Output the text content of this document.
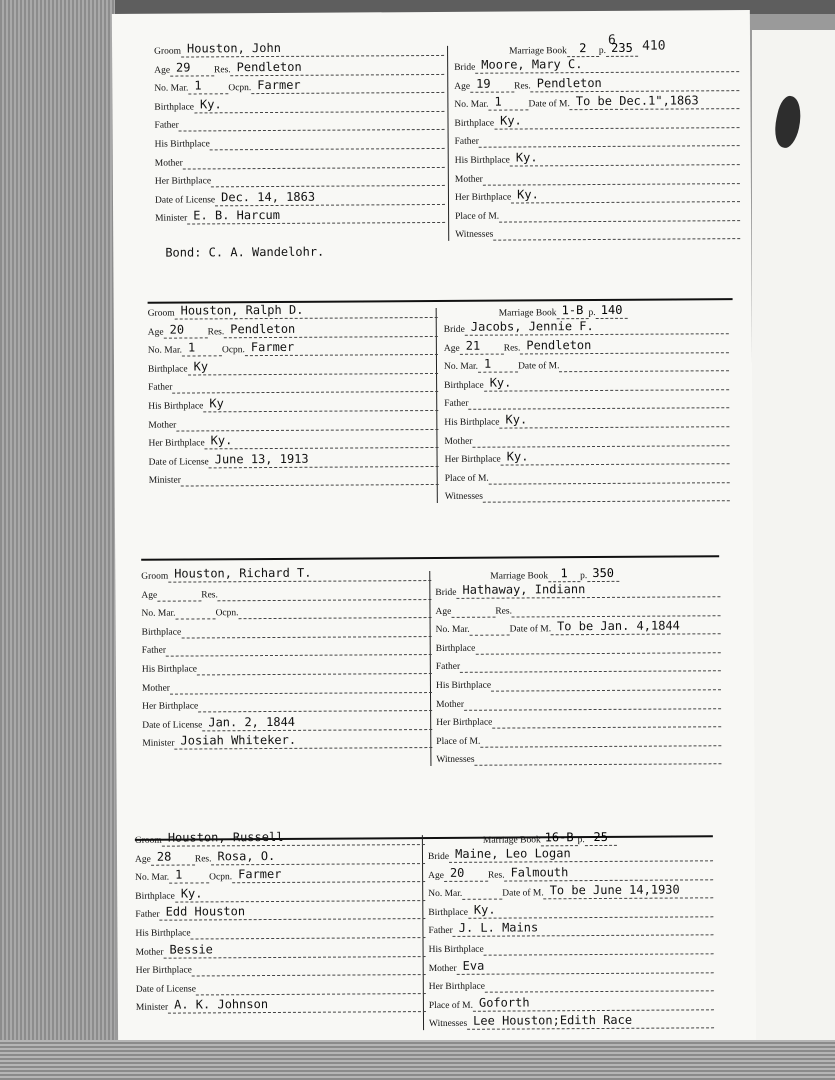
6 410
Groom Houston, John
Age 29	Res. Pendleton
No. Mar. 1	Ocpn. Farmer
Birthplace Ky.
Father
His Birthplace
Mother
Her Birthplace
Date of License Dec. 14, 1863
Minister E. B. Harcum
Marriage Book	2	p. 235
Bride Moore, Mary C.
Age 19	Res. Pendleton
No. Mar. 1	Date of M. To be Dec.1",1863
Birthplace Ky.
Father
His Birthplace Ky.
Mother
Her Birthplace Ky.
Place of M.
Witnesses
Bond: C. A. Wandelohr.
Groom Houston, Ralph D.
Age 20	Res. Pendleton
No. Mar. 1	Ocpn. Farmer
Birthplace Ky
Father
His Birthplace Ky
Mother
Her Birthplace Ky.
Date of License June 13, 1913
Minister
Marriage Book 1-B p. 140
Bride Jacobs, Jennie F.
Age 21	Res. Pendleton
No. Mar. 1	Date of M.
Birthplace Ky.
Father
His Birthplace Ky.
Mother
Her Birthplace Ky.
Place of M.
Witnesses
Groom Houston, Richard T.
Age	Res.
No. Mar.	Ocpn.
Birthplace
Father
His Birthplace
Mother
Her Birthplace
Date of License Jan. 2, 1844
Minister Josiah Whiteker.
Marriage Book	1	p. 350
Bride Hathaway, Indiann
Age	Res.
No. Mar.	Date of M. To be Jan. 4,1844
Birthplace
Father
His Birthplace
Mother
Her Birthplace
Place of M.
Witnesses
Groom Houston, Russell
Age 28	Res. Rosa, O.
No. Mar. 1	Ocpn. Farmer
Birthplace Ky.
Father Edd Houston
His Birthplace
Mother Bessie
Her Birthplace
Date of License
Minister A. K. Johnson
Marriage Book 16-B p. 25
Bride Maine, Leo Logan
Age 20	Res. Falmouth
No. Mar.	Date of M. To be June 14,1930
Birthplace Ky.
Father J. L. Mains
His Birthplace
Mother Eva
Her Birthplace
Place of M. Goforth
Witnesses Lee Houston;Edith Race
